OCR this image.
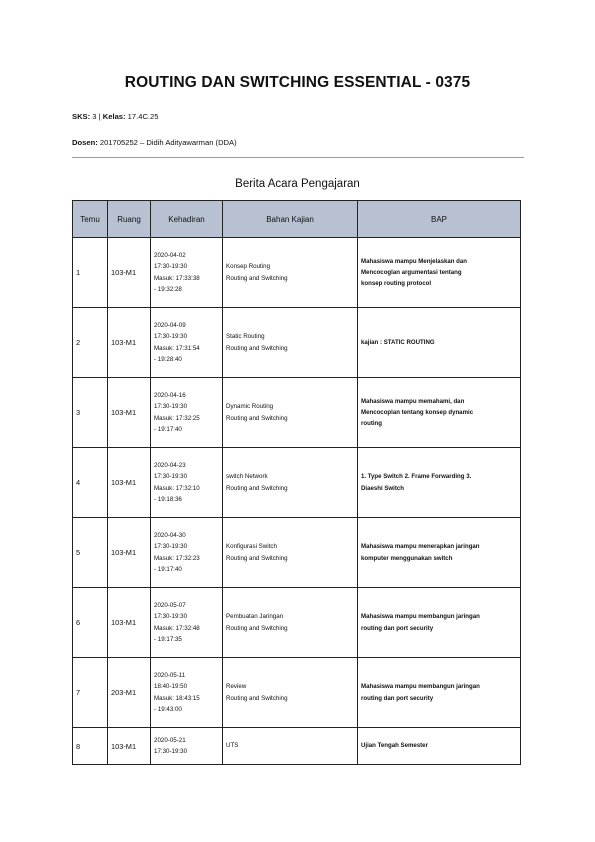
ROUTING DAN SWITCHING ESSENTIAL - 0375
SKS: 3 | Kelas: 17.4C.25
Dosen: 201705252 – Didih Adityawarman (DDA)
Berita Acara Pengajaran
Temu	Ruang	Kehadiran	Bahan Kajian	BAP
1	103-M1	2020-04-02
17:30-19:30
Masuk: 17:33:38
- 19:32:28	Konsep Routing
Routing and Switching	Mahasiswa mampu Menjelaskan dan
Mencocoglan argumentasi tentang
konsep routing protocol

2	103-M1	2020-04-09
17:30-19:30
Masuk: 17:31:54
- 19:28:40	Static Routing
Routing and Switching	kajian : STATIC ROUTING

3	103-M1	2020-04-16
17:30-19:30
Masuk: 17:32:25
- 19:17:40	Dynamic Routing
Routing and Switching	Mahasiswa mampu memahami, dan
Mencocoplan tentang konsep dynamic
routing

4	103-M1	2020-04-23
17:30-19:30
Masuk: 17:32:10
- 19:18:36	switch Network
Routing and Switching	1. Type Switch 2. Frame Forwarding 3.
Diaeshi Switch

5	103-M1	2020-04-30
17:30-19:30
Masuk: 17:32:23
- 19:17:40	Konfigurasi Switch
Routing and Switching	Mahasiswa mampu menerapkan jaringan
komputer menggunakan switch

6	103-M1	2020-05-07
17:30-19:30
Masuk: 17:32:48
- 19:17:35	Pembuatan Jaringan
Routing and Switching	Mahasiswa mampu membangun jaringan
routing dan port security

7	203-M1	2020-05-11
18:40-19:50
Masuk: 18:43:15
- 19:43:00	Review
Routing and Switching	Mahasiswa mampu membangun jaringan
routing dan port security

8	103-M1	2020-05-21
17:30-19:30	UTS	Ujian Tengah Semester
